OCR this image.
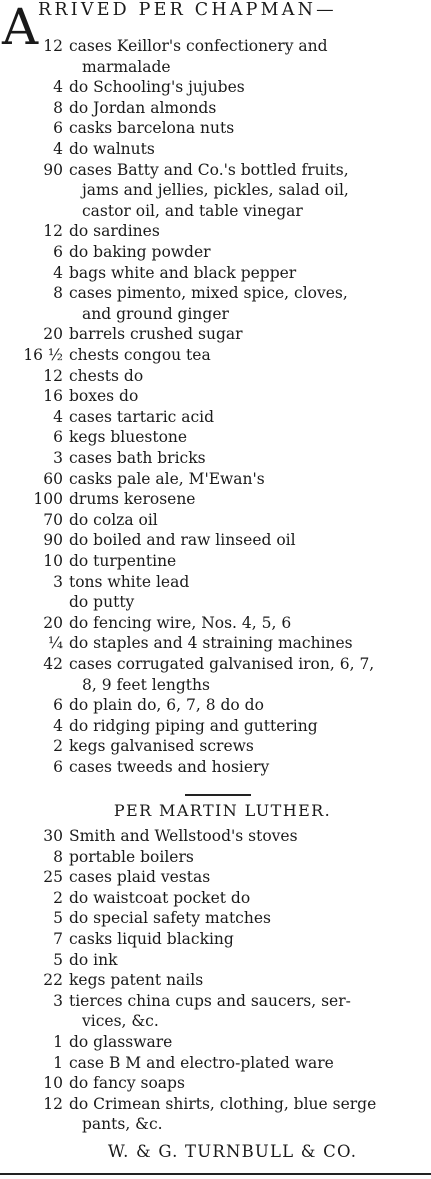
A RRIVED PER CHAPMAN—
12 cases Keillor's confectionery and
marmalade
4 do Schooling's jujubes
8 do Jordan almonds
6 casks barcelona nuts
4 do walnuts
90 cases Batty and Co.'s bottled fruits,
jams and jellies, pickles, salad oil,
castor oil, and table vinegar
12 do sardines
6 do baking powder
4 bags white and black pepper
8 cases pimento, mixed spice, cloves,
and ground ginger
20 barrels crushed sugar
16 ½ chests congou tea
12 chests do
16 boxes do
4 cases tartaric acid
6 kegs bluestone
3 cases bath bricks
60 casks pale ale, M'Ewan's
100 drums kerosene
70 do colza oil
90 do boiled and raw linseed oil
10 do turpentine
3 tons white lead
do putty
20 do fencing wire, Nos. 4, 5, 6
¼ do staples and 4 straining machines
42 cases corrugated galvanised iron, 6, 7,
8, 9 feet lengths
6 do plain do, 6, 7, 8 do do
4 do ridging piping and guttering
2 kegs galvanised screws
6 cases tweeds and hosiery
PER MARTIN LUTHER.
30 Smith and Wellstood's stoves
8 portable boilers
25 cases plaid vestas
2 do waistcoat pocket do
5 do special safety matches
7 casks liquid blacking
5 do ink
22 kegs patent nails
3 tierces china cups and saucers, ser-
vices, &c.
1 do glassware
1 case B M and electro-plated ware
10 do fancy soaps
12 do Crimean shirts, clothing, blue serge
pants, &c.
W. & G. TURNBULL & CO.
